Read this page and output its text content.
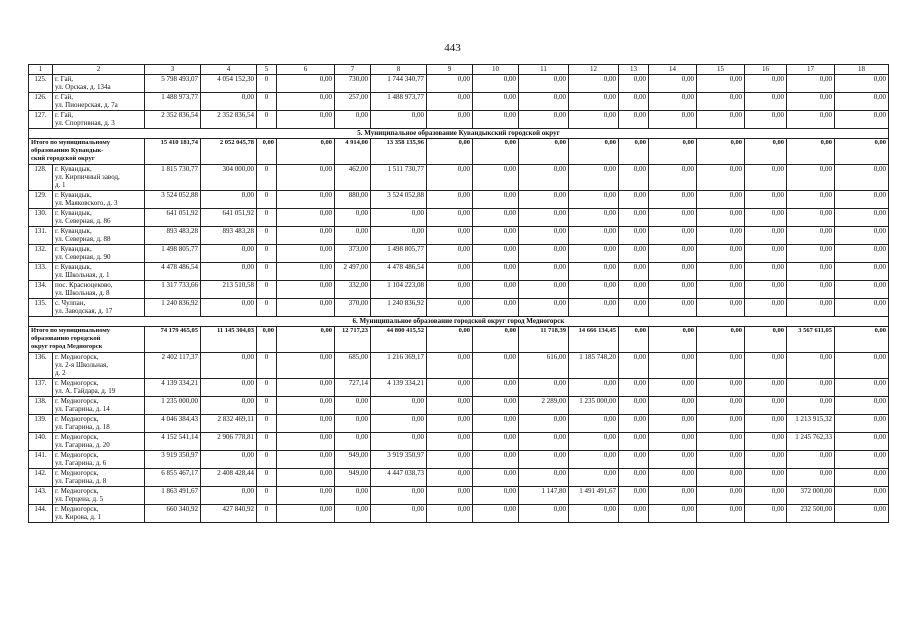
443
1	2	3	4	5	6	7	8	9	10	11	12	13	14	15	16	17	18
125.	г. Гай,
ул. Орская, д. 134а	5 798 493,07	4 054 152,30	0	0,00	730,00	1 744 340,77	0,00	0,00	0,00	0,00	0,00	0,00	0,00	0,00	0,00	0,00
126.	г. Гай,
ул. Пионерская, д. 7а	1 488 973,77	0,00	0	0,00	257,00	1 488 973,77	0,00	0,00	0,00	0,00	0,00	0,00	0,00	0,00	0,00	0,00
127.	г. Гай,
ул. Спортивная, д. 3	2 352 836,54	2 352 836,54	0	0,00	0,00	0,00	0,00	0,00	0,00	0,00	0,00	0,00	0,00	0,00	0,00	0,00
5. Муниципальное образование Кувандыкский городской округ																	
Итого по муниципальному
образованию Кувандык-
ский городской округ		15 410 181,74	2 052 045,78	0,00	0,00	4 914,00	13 358 135,96	0,00	0,00	0,00	0,00	0,00	0,00	0,00	0,00	0,00	0,00
128.	г. Кувандык,
ул. Кирпичный завод,
д. 1	1 815 730,77	304 000,00	0	0,00	462,00	1 511 730,77	0,00	0,00	0,00	0,00	0,00	0,00	0,00	0,00	0,00	0,00
129.	г. Кувандык,
ул. Маяковского, д. 3	3 524 052,88	0,00	0	0,00	880,00	3 524 052,88	0,00	0,00	0,00	0,00	0,00	0,00	0,00	0,00	0,00	0,00
130.	г. Кувандык,
ул. Северная, д. 86	641 051,92	641 051,92	0	0,00	0,00	0,00	0,00	0,00	0,00	0,00	0,00	0,00	0,00	0,00	0,00	0,00
131.	г. Кувандык,
ул. Северная, д. 88	893 483,28	893 483,28	0	0,00	0,00	0,00	0,00	0,00	0,00	0,00	0,00	0,00	0,00	0,00	0,00	0,00
132.	г. Кувандык,
ул. Северная, д. 90	1 498 805,77	0,00	0	0,00	373,00	1 498 805,77	0,00	0,00	0,00	0,00	0,00	0,00	0,00	0,00	0,00	0,00
133.	г. Кувандык,
ул. Школьная, д. 1	4 478 486,54	0,00	0	0,00	2 497,00	4 478 486,54	0,00	0,00	0,00	0,00	0,00	0,00	0,00	0,00	0,00	0,00
134.	пос. Красноцеково,
ул. Школьная, д. 8	1 317 733,66	213 510,58	0	0,00	332,00	1 104 223,08	0,00	0,00	0,00	0,00	0,00	0,00	0,00	0,00	0,00	0,00
135.	с. Чулпан,
ул. Заводская, д. 17	1 240 836,92	0,00	0	0,00	370,00	1 240 836,92	0,00	0,00	0,00	0,00	0,00	0,00	0,00	0,00	0,00	0,00
6. Муниципальное образование городской округ город Медногорск																	
Итого по муниципальному
образованию городской
округ город Медногорск		74 179 465,05	11 145 304,03	0,00	0,00	12 717,23	44 800 415,52	0,00	0,00	11 718,39	14 666 134,45	0,00	0,00	0,00	0,00	3 567 611,05	0,00
136.	г. Медногорск,
ул. 2-я Школьная,
д. 2	2 402 117,37	0,00	0	0,00	685,00	1 216 369,17	0,00	0,00	616,00	1 185 748,20	0,00	0,00	0,00	0,00	0,00	0,00
137.	г. Медногорск,
ул. А. Гайдара, д. 19	4 139 334,21	0,00	0	0,00	727,14	4 139 334,21	0,00	0,00	0,00	0,00	0,00	0,00	0,00	0,00	0,00	0,00
138.	г. Медногорск,
ул. Гагарина, д. 14	1 235 000,00	0,00	0	0,00	0,00	0,00	0,00	0,00	2 289,00	1 235 000,00	0,00	0,00	0,00	0,00	0,00	0,00
139.	г. Медногорск,
ул. Гагарина, д. 18	4 046 384,43	2 832 469,11	0	0,00	0,00	0,00	0,00	0,00	0,00	0,00	0,00	0,00	0,00	0,00	1 213 915,32	0,00
140.	г. Медногорск,
ул. Гагарина, д. 20	4 152 541,14	2 906 778,81	0	0,00	0,00	0,00	0,00	0,00	0,00	0,00	0,00	0,00	0,00	0,00	1 245 762,33	0,00
141.	г. Медногорск,
ул. Гагарина, д. 6	3 919 350,97	0,00	0	0,00	949,00	3 919 350,97	0,00	0,00	0,00	0,00	0,00	0,00	0,00	0,00	0,00	0,00
142.	г. Медногорск,
ул. Гагарина, д. 8	6 855 467,17	2 408 428,44	0	0,00	949,00	4 447 038,73	0,00	0,00	0,00	0,00	0,00	0,00	0,00	0,00	0,00	0,00
143.	г. Медногорск,
ул. Герцена, д. 5	1 863 491,67	0,00	0	0,00	0,00	0,00	0,00	0,00	1 147,80	1 491 491,67	0,00	0,00	0,00	0,00	372 000,00	0,00
144.	г. Медногорск,
ул. Кирова, д. 1	660 340,92	427 840,92	0	0,00	0,00	0,00	0,00	0,00	0,00	0,00	0,00	0,00	0,00	0,00	232 500,00	0,00
